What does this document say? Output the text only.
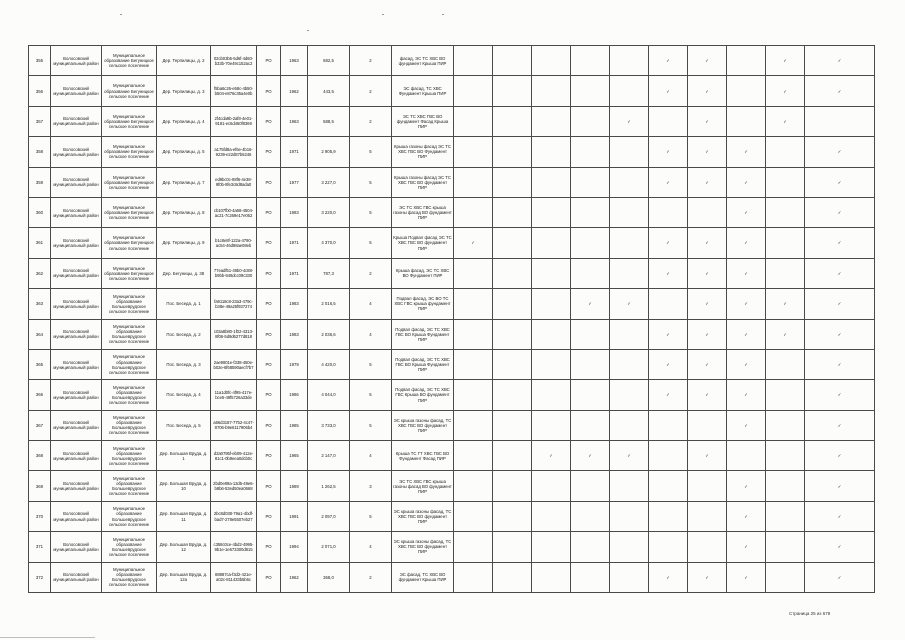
355	Волосовский муниципальный район	Муниципальное образование Бегуницкое сельское поселение	Дер. Терпилицы, д. 2	02cb03b5-5d6f-4d60-b33b-70e49c152ac2	РО	1963	682,5	2	фасад, ЭС ТС ХВС ВО фундамент Крыша ПИР						✓	✓		✓	✓
356	Волосовский муниципальный район	Муниципальное образование Бегуницкое сельское поселение	Дер. Терпилицы, д. 3	f5ba6c26-e58c-4b50-b504-e876c35a4e0b	РО	1962	443,5	2	ЭС фасад, ТС ХВС Фундамент Крыша ПИР						✓	✓		✓	✓
357	Волосовский муниципальный район	Муниципальное образование Бегуницкое сельское поселение	Дер. Терпилицы, д. 4	2f4cda9b-2af8-4e01-9181-ec5d460f8369	РО	1963	588,5	2	ЭС ТС ХВС ГВС ВО фундамент Фасад Крыша ПИР					✓		✓		✓	
358	Волосовский муниципальный район	Муниципальное образование Бегуницкое сельское поселение	Дер. Терпилицы, д. 5	a175fd8a-ef6e-4b16-9239-e22d87b5246	РО	1971	2 905,9	5	Крыша газоны фасад ЭС ТС ХВС ГВС ВО Фундамент ПИР						✓	✓	✓		✓
359	Волосовский муниципальный район	Муниципальное образование Бегуницкое сельское поселение	Дер. Терпилицы, д. 7	ed9bc0c-88f6-4e38-9f0b-8fe3c8d8ada0	РО	1977	3 227,0	5	Крыша газоны фасад ЭС ТС ХВС ГВС ВО фундамент ПИР						✓	✓	✓		✓
360	Волосовский муниципальный район	Муниципальное образование Бегуницкое сельское поселение	Дер. Терпилицы, д. 8	cb107fb0-4a68-4504-ac21-7c269e17e062	РО	1983	3 220,0	5	ЭС ТС ХВС ГВС крыша газоны фасад ВО фундамент ПИР								✓		✓
361	Волосовский муниципальный район	Муниципальное образование Бегуницкое сельское поселение	Дер. Терпилицы, д. 9	b1c8e8f-122a-4790-ac54-46d98ae08eb	РО	1971	4 370,0	5	Крыша Подвал фасад ЭС ТС ХВС ГВС ВО фундамент ПИР	✓					✓	✓	✓		✓
362	Волосовский муниципальный район	Муниципальное образование Бегуницкое сельское поселение	Дер. Бегуницы, д. 38	77eadf51-49b0-4c88-b9bb-948dcc09c330	РО	1971	787,3	2	Крыша фасад, ЭС ТС ХВС ВО Фундамент ПИР						✓	✓	✓		✓
363	Волосовский муниципальный район	Муниципальное образование Большеврудское сельское поселение	Пос. Беседа, д. 1	fa9118c8-23a3-479c-b38e-49a25f937274	РО	1983	2 016,5	4	Подвал фасад, ЭС ВО ТС ХВС ГВС крыша фундамент ПИР				✓	✓		✓	✓	✓	✓
364	Волосовский муниципальный район	Муниципальное образование Большеврудское сельское поселение	Пос. Беседа, д. 2	c03a8b80-1f02-4313-8f06-5d9d6277d818	РО	1983	2 036,6	4	Подвал фасад, ЭС ТС ХВС ГВС ВО Крыша Фундамент ПИР						✓	✓	✓	✓	✓
365	Волосовский муниципальный район	Муниципальное образование Большеврудское сельское поселение	Пос. Беседа, д. 3	2ae9801e-f338-450e-b02e-6f68590aecf7b7	РО	1979	4 420,0	5	Подвал фасад, ЭС ТС ХВС ГВС ВО Крыша Фундамент ПИР						✓	✓	✓		✓
366	Волосовский муниципальный район	Муниципальное образование Большеврудское сельское поселение	Пос. Беседа, д. 4	11a1d0fc-4f95-417e-bce5-49f5726a33de	РО	1986	4 044,0	5	Подвал фасад, ЭС ТС ХВС ГВС Крыша ВО фундамент ПИР						✓	✓	✓		✓
367	Волосовский муниципальный район	Муниципальное образование Большеврудское сельское поселение	Пос. Беседа, д. 5	a66d3187-7752-4c47-8706-b9e6117906b4	РО	1985	3 733,0	5	ЭС крыша газоны фасад, ТС ХВС ГВС ВО фундамент ПИР								✓		✓
368	Волосовский муниципальный район	Муниципальное образование Большеврудское сельское поселение	Дер. Большая Вруда, д. 1	d2a0795f-eb09-412e-81c1-0b9eea0dcb0c	РО	1965	2 147,0	4	Крыша ТС ГТ ХВС ГВС ВО Фундамент Фасад ПИР			✓	✓	✓		✓			✓
369	Волосовский муниципальный район	Муниципальное образование Большеврудское сельское поселение	Дер. Большая Вруда, д. 10	2bd0e89a-13d5-49e6-b8b6-53ed50ea0668	РО	1989	1 262,5	3	ЭС ТС ХВС ГВС крыша газоны фасад ВО фундамент ПИР								✓		✓
370	Волосовский муниципальный район	Муниципальное образование Большеврудское сельское поселение	Дер. Большая Вруда, д. 11	2bc8d038-79a1-4bdf-bad7-278e5507eb27	РО	1991	2 097,0	5	ЭС крыша газоны фасад, ТС ХВС ГВС ВО фундамент ПИР								✓		✓
371	Волосовский муниципальный район	Муниципальное образование Большеврудское сельское поселение	Дер. Большая Вруда, д. 12	c358c0ce-4bd2-4995-9b1e-1e673300d815	РО	1994	2 071,0	4	ЭС крыша газоны фасад, ТС ХВС ГВС ВО фундамент ПИР								✓		✓
372	Волосовский муниципальный район	Муниципальное образование Большеврудское сельское поселение	Дер. Большая Вруда, д. 12а	88887ca-f3d2-421e-a02c-811433b5b6c	РО	1962	368,0	2	ЭС фасад, ТС ХВС ВО фундамент Крыша ПИР						✓	✓	✓		✓
Страница 25 из 678
